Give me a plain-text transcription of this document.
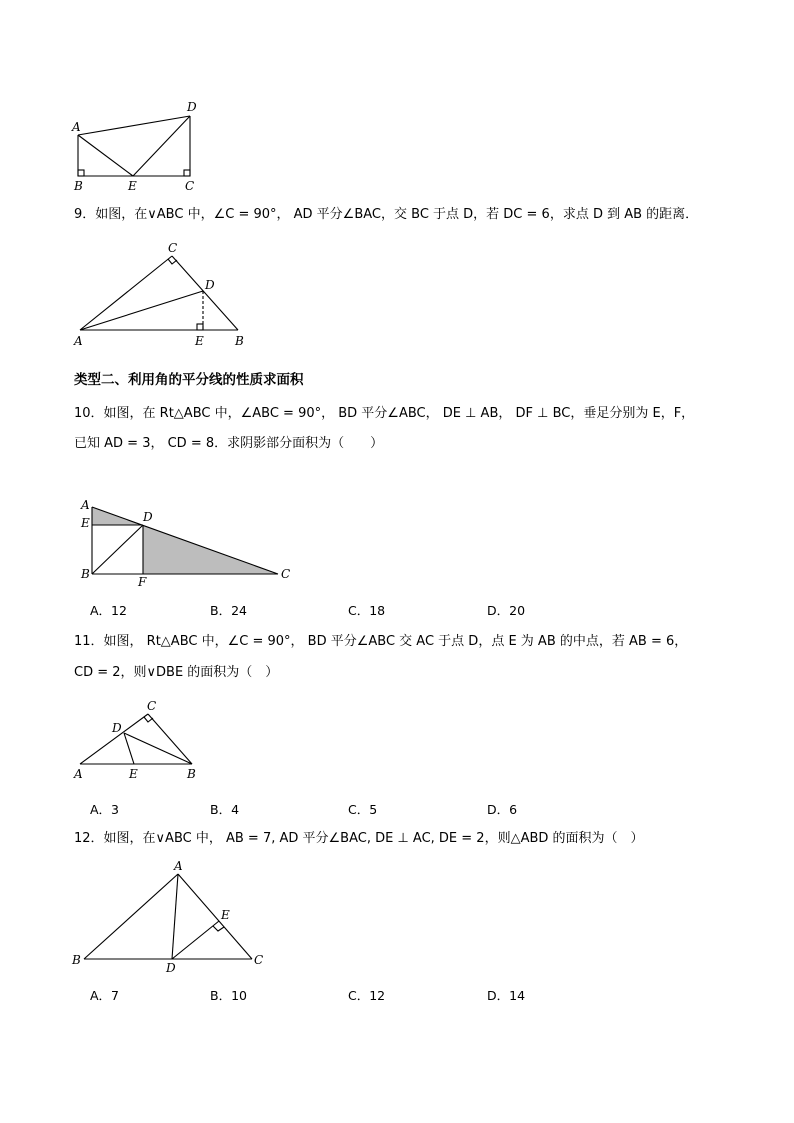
A
B	E	C
D
9．如图，在∨ABC 中，∠C = 90°， AD 平分∠BAC，交 BC 于点 D，若 DC = 6，求点 D 到 AB 的距离．
C
D
A	E	B
类型二、利用角的平分线的性质求面积
10．如图，在 Rt△ABC 中，∠ABC = 90°， BD 平分∠ABC， DE ⊥ AB， DF ⊥ BC，垂足分别为 E，F，
已知 AD = 3， CD = 8．求阴影部分面积为（　　）
A
E	D
B
F
C
A．12	B．24	C．18	D．20
11．如图， Rt△ABC 中，∠C = 90°， BD 平分∠ABC 交 AC 于点 D，点 E 为 AB 的中点，若 AB = 6，
CD = 2，则∨DBE 的面积为（　）
C
D
A	E	B
A．3	B．4	C．5	D．6
12．如图，在∨ABC 中， AB = 7, AD 平分∠BAC, DE ⊥ AC, DE = 2，则△ABD 的面积为（　）
A
E
B
D
C
A．7	B．10	C．12	D．14
